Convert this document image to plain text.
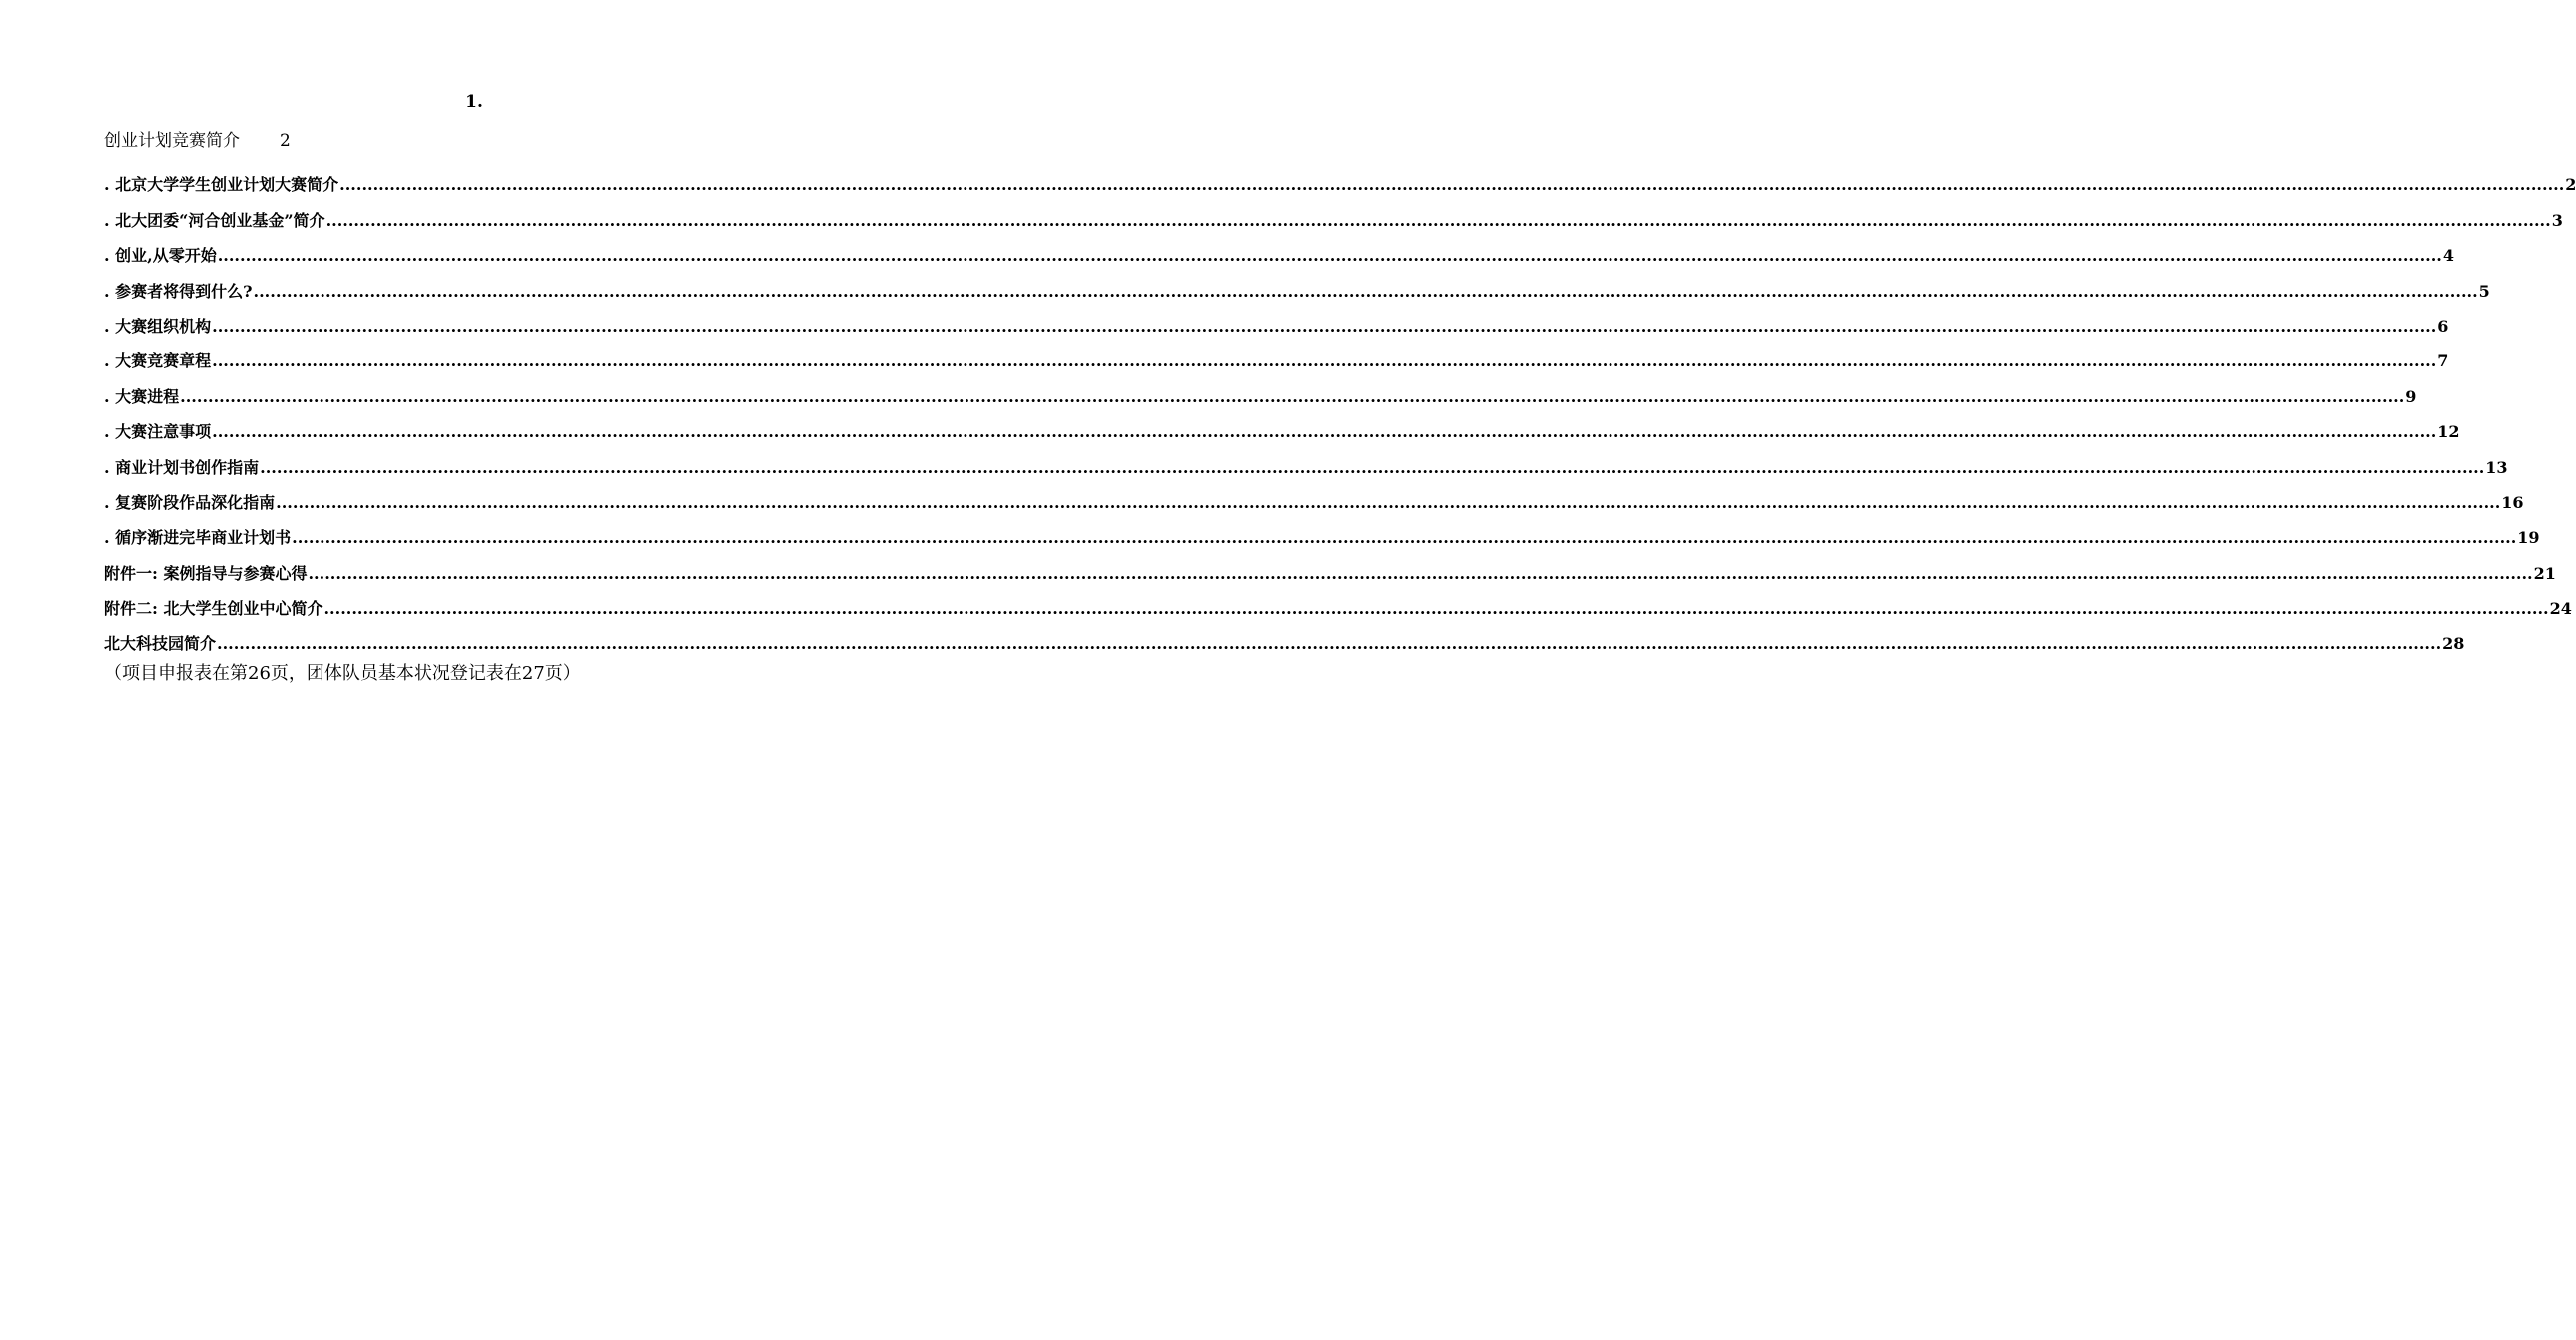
1.
创业计划竞赛简介 2
. 北京大学学生创业计划大赛简介 ................................................................................................................................................................................................................................................................................................................................................................................................................ 2
. 北大团委“河合创业基金”简介 ................................................................................................................................................................................................................................................................................................................................................................................................................ 3
. 创业,从零开始 ................................................................................................................................................................................................................................................................................................................................................................................................................ 4
. 参赛者将得到什么? ................................................................................................................................................................................................................................................................................................................................................................................................................ 5
. 大赛组织机构 ................................................................................................................................................................................................................................................................................................................................................................................................................ 6
. 大赛竞赛章程 ................................................................................................................................................................................................................................................................................................................................................................................................................ 7
. 大赛进程 ................................................................................................................................................................................................................................................................................................................................................................................................................ 9
. 大赛注意事项 ................................................................................................................................................................................................................................................................................................................................................................................................................ 12
. 商业计划书创作指南 ................................................................................................................................................................................................................................................................................................................................................................................................................ 13
. 复赛阶段作品深化指南 ................................................................................................................................................................................................................................................................................................................................................................................................................ 16
. 循序渐进完毕商业计划书 ................................................................................................................................................................................................................................................................................................................................................................................................................ 19
附件一: 案例指导与参赛心得 ................................................................................................................................................................................................................................................................................................................................................................................................................ 21
附件二: 北大学生创业中心简介 ................................................................................................................................................................................................................................................................................................................................................................................................................ 24
北大科技园简介 ................................................................................................................................................................................................................................................................................................................................................................................................................ 28
（项目申报表在第26页，团体队员基本状况登记表在27页）
